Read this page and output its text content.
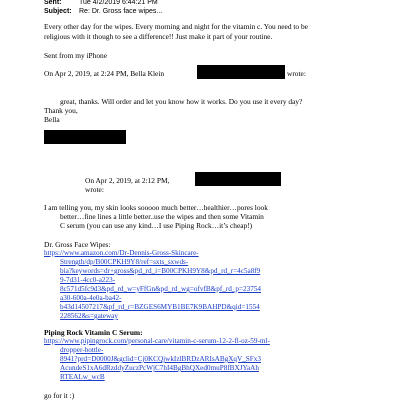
Sent:	Tue 4/2/2019 6:44:21 PM
Subject: Re: Dr. Gross face wipes...
Every other day for the wipes. Every morning and night for the vitamin c. You need to be
religious with it though to see a difference!! Just make it part of your routine.
Sent from my iPhone
On Apr 2, 2019, at 2:24 PM, Bella Klein	wrote:
great, thanks. Will order and let you know how it works. Do you use it every day?
Thank you,
Bella
On Apr 2, 2019, at 2:12 PM,
wrote:
I am telling you, my skin looks sooooo much better…healthier…pores look
better…fine lines a little better..use the wipes and then some Vitamin
C serum (you can use any kind…I use Piping Rock…it’s cheap!)
Dr. Gross Face Wipes:
https://www.amazon.com/Dr-Dennis-Gross-Skincare-
Strength/dp/B00CPKH9Y8/ref=sxts_sxwds-
bia?keywords=dr+gross&pd_rd_i=B00CPKH9Y8&pd_rd_r=4c5a8f9
9-7d31-4cc0-a223-
8c571d5fc9d3&pd_rd_w=yFfGn&pd_rd_wg=ofvfB&pf_rd_p=23754
a30-600a-4e0a-ba42-
b43d14507217&pf_rd_r=BZGES6MYB1BE7K9BAHPD&qid=1554
228562&s=gateway
Piping Rock Vitamin C Serum:
https://www.pipingrock.com/personal-care/vitamin-c-serum-12-2-fl-oz-59-ml-
dropper-bottle-
8941?prd=D0000J&gclid=Cj0KCQjwkIzlBRDzARIsABgXqV_SFx3
AcundeS1xA6dRzddyZuczPcWjC7hI4BgBhQXed0muP8fBXJYaAh
RTEALw_wcB
go for it :)
